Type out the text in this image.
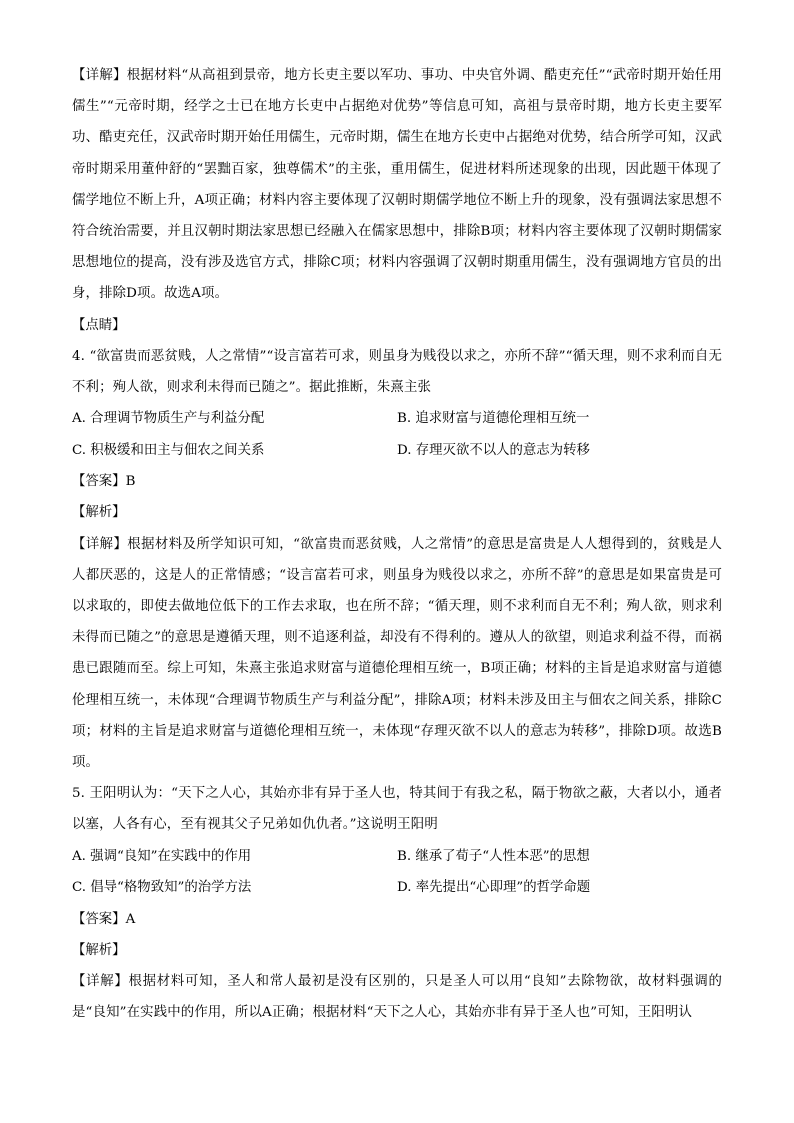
【详解】根据材料“从高祖到景帝，地方长吏主要以军功、事功、中央官外调、酷吏充任”“武帝时期开始任用儒生”“元帝时期，经学之士已在地方长吏中占据绝对优势”等信息可知，高祖与景帝时期，地方长吏主要军功、酷吏充任，汉武帝时期开始任用儒生，元帝时期，儒生在地方长吏中占据绝对优势，结合所学可知，汉武帝时期采用董仲舒的“罢黜百家，独尊儒术”的主张，重用儒生，促进材料所述现象的出现，因此题干体现了儒学地位不断上升，A项正确；材料内容主要体现了汉朝时期儒学地位不断上升的现象，没有强调法家思想不符合统治需要，并且汉朝时期法家思想已经融入在儒家思想中，排除B项；材料内容主要体现了汉朝时期儒家思想地位的提高，没有涉及选官方式，排除C项；材料内容强调了汉朝时期重用儒生，没有强调地方官员的出身，排除D项。故选A项。

【点睛】

4. “欲富贵而恶贫贱，人之常情”“设言富若可求，则虽身为贱役以求之，亦所不辞”“循天理，则不求利而自无不利；殉人欲，则求利未得而已随之”。据此推断，朱熹主张

A. 合理调节物质生产与利益分配	B. 追求财富与道德伦理相互统一
C. 积极缓和田主与佃农之间关系	D. 存理灭欲不以人的意志为转移

【答案】B

【解析】

【详解】根据材料及所学知识可知，“欲富贵而恶贫贱，人之常情”的意思是富贵是人人想得到的，贫贱是人人都厌恶的，这是人的正常情感；“设言富若可求，则虽身为贱役以求之，亦所不辞”的意思是如果富贵是可以求取的，即使去做地位低下的工作去求取，也在所不辞；“循天理，则不求利而自无不利；殉人欲，则求利未得而已随之”的意思是遵循天理，则不追逐利益，却没有不得利的。遵从人的欲望，则追求利益不得，而祸患已跟随而至。综上可知，朱熹主张追求财富与道德伦理相互统一，B项正确；材料的主旨是追求财富与道德伦理相互统一，未体现“合理调节物质生产与利益分配”，排除A项；材料未涉及田主与佃农之间关系，排除C项；材料的主旨是追求财富与道德伦理相互统一，未体现“存理灭欲不以人的意志为转移”，排除D项。故选B项。

5. 王阳明认为：“天下之人心，其始亦非有异于圣人也，特其间于有我之私，隔于物欲之蔽，大者以小，通者以塞，人各有心，至有视其父子兄弟如仇仇者。”这说明王阳明

A. 强调“良知”在实践中的作用	B. 继承了荀子“人性本恶”的思想
C. 倡导“格物致知”的治学方法	D. 率先提出“心即理”的哲学命题

【答案】A

【解析】

【详解】根据材料可知，圣人和常人最初是没有区别的，只是圣人可以用“良知”去除物欲，故材料强调的是“良知”在实践中的作用，所以A正确；根据材料“天下之人心，其始亦非有异于圣人也”可知，王阳明认
